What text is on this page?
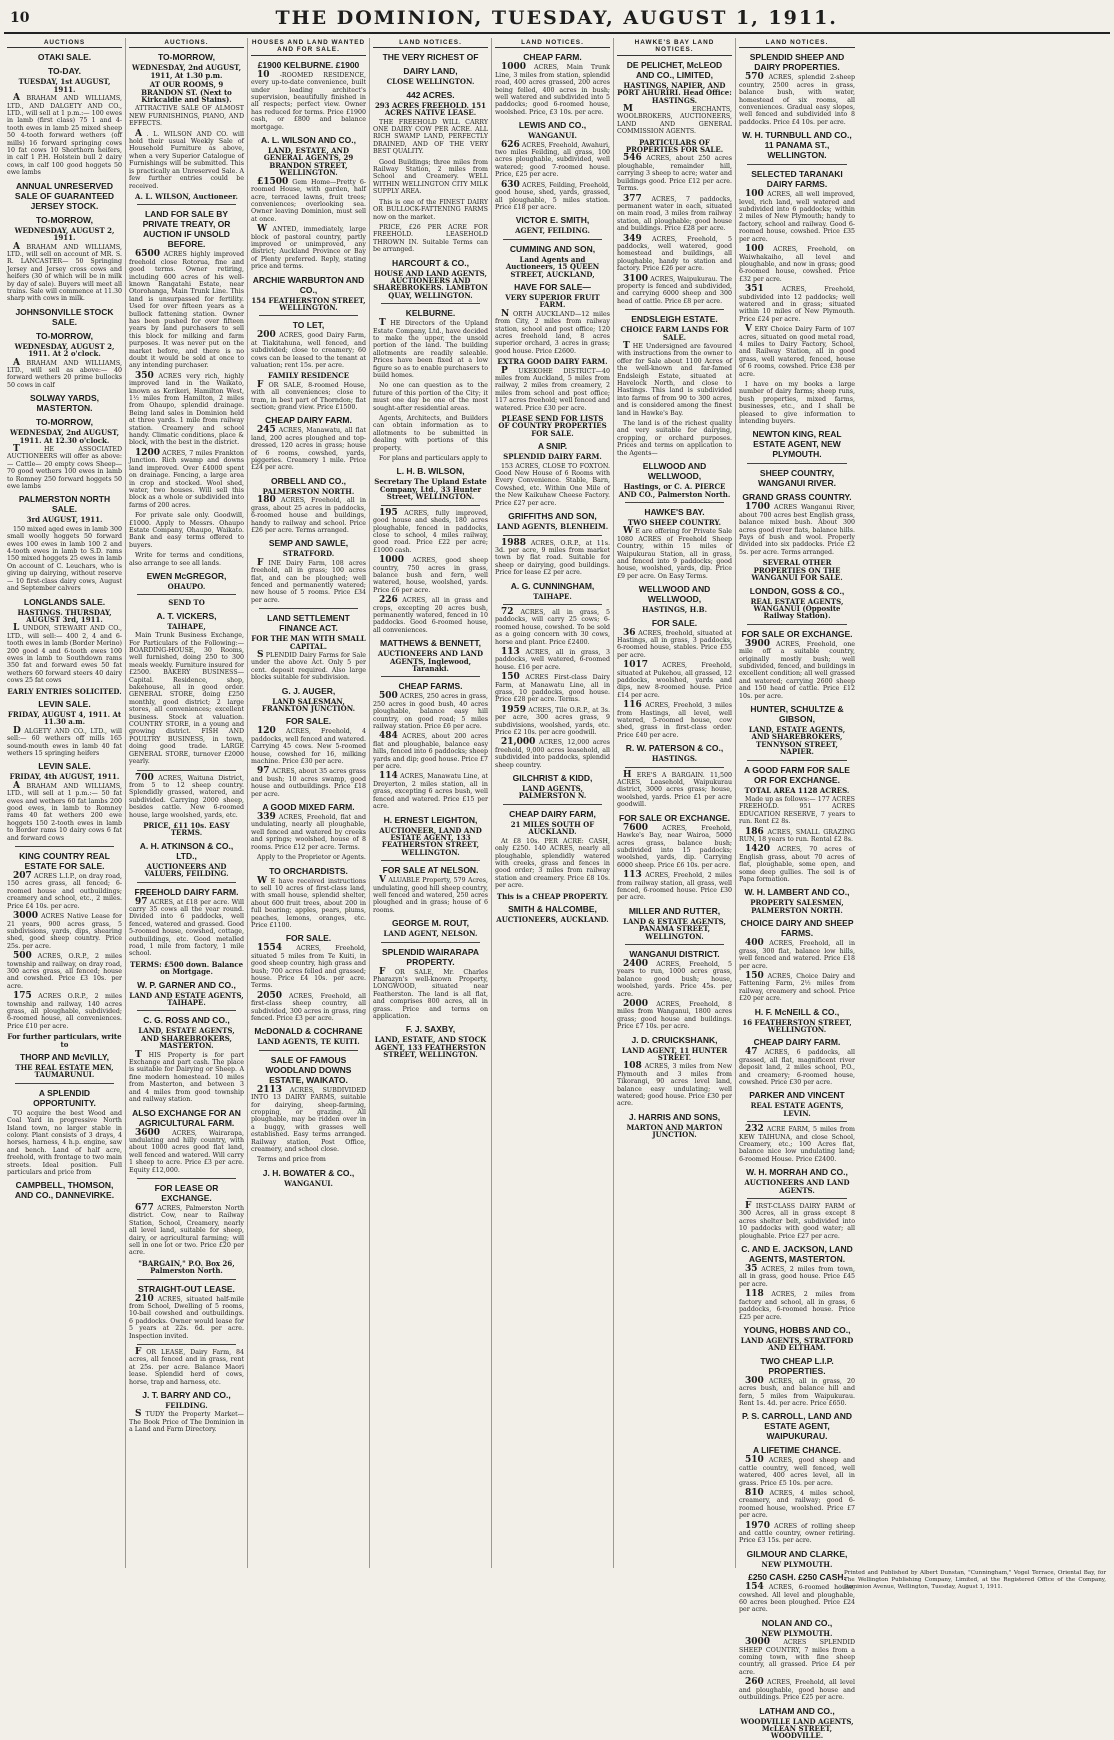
10	THE DOMINION, TUESDAY, AUGUST 1, 1911.
AUCTIONS
OTAKI SALE.
TO-DAY.
TUESDAY, 1st AUGUST, 1911.

A BRAHAM AND WILLIAMS, LTD., AND DALGETY AND CO., LTD., will sell at 1 p.m.:— 100 ewes in lamb (first class) 75 1 and 4-tooth ewes in lamb 25 mixed sheep 50 4-tooth forward wethers (off mills) 16 forward springing cows 10 fat cows 10 Shorthorn heifers, in calf 1 P.H. Holstein bull 2 dairy cows, in calf 100 good hoggets 50 ewe lambs

ANNUAL UNRESERVED SALE OF GUARANTEED JERSEY STOCK.
TO-MORROW,
WEDNESDAY, AUGUST 2, 1911.

A BRAHAM AND WILLIAMS, LTD., will sell on account of MR. S. R. LANCASTER— 50 Springing Jersey and Jersey cross cows and heifers (30 of which will be in milk by day of sale). Buyers will meet all trains. Sale will commence at 11.30 sharp with cows in milk.

JOHNSONVILLE STOCK SALE.
TO-MORROW,
WEDNESDAY, AUGUST 2, 1911. At 2 o'clock.

A BRAHAM AND WILLIAMS, LTD., will sell as above:— 40 forward wethers 20 prime bullocks 50 cows in calf

SOLWAY YARDS, MASTERTON.
TO-MORROW,
WEDNESDAY, 2nd AUGUST, 1911. At 12.30 o'clock.

T	HE ASSOCIATED AUCTIONEERS will offer as above:— Cattle— 20 empty cows Sheep— 70 good wethers 100 ewes in lamb to Romney 250 forward hoggets 50 ewe lambs

PALMERSTON NORTH SALE.
3rd AUGUST, 1911.

150 mixed aged ewes in lamb 300 small woolly hoggets 50 forward ewes 100 ewes in lamb 100 2 and 4-tooth ewes in lamb to S.D. rams 150 mixed hoggets 25 ewes in lamb On account of C. Leuchars, who is giving up dairying, without reserve— 10 first-class dairy cows, August and September calvers

LONGLANDS SALE.
HASTINGS. THURSDAY, AUGUST 3rd, 1911.

L UNDON, STEWART AND CO., LTD., will sell:— 400 2, 4 and 6-tooth ewes in lamb (Border Merino) 200 good 4 and 6-tooth ewes 100 ewes in lamb to Southdown rams 350 fat and forward ewes 50 fat wethers 60 forward steers 40 dairy cows 25 fat cows

EARLY ENTRIES SOLICITED.
LEVIN SALE.
FRIDAY, AUGUST 4, 1911. At 11.30 a.m.

D ALGETY AND CO., LTD., will sell:— 60 wethers off mills 165 sound-mouth ewes in lamb 40 fat wethers 15 springing heifers

LEVIN SALE.
FRIDAY, 4th AUGUST, 1911.

A BRAHAM AND WILLIAMS, LTD., will sell at 1 p.m.:— 50 fat ewes and wethers 60 fat lambs 200 good ewes, in lamb to Romney rams 40 fat wethers 200 ewe hoggets 150 2-tooth ewes in lamb to Border rams 10 dairy cows 6 fat and forward cows

KING COUNTRY REAL ESTATE FOR SALE.

207 ACRES L.I.P., on dray road, 150 acres grass, all fenced; 6-roomed house and outbuildings; creamery and school, etc., 2 miles. Price £4 10s. per acre.

3000 ACRES Native Lease for 21 years, 900 acres grass, 5 subdivisions, yards, dips, shearing shed, good sheep country. Price 25s. per acre.

500 ACRES, O.R.P., 2 miles township and railway, on dray road, 300 acres grass, all fenced; house and cowshed. Price £3 10s. per acre.

175 ACRES O.R.P., 2 miles township and railway, 140 acres grass, all ploughable, subdivided; 6-roomed house, all conveniences. Price £10 per acre.

For further particulars, write to
THORP AND McVILLY,
THE REAL ESTATE MEN, TAUMARUNUI.
A SPLENDID OPPORTUNITY.

TO acquire the best Wood and Coal Yard in progressive North Island town, no larger stable in colony. Plant consists of 3 drays, 4 horses, harness, 4 h.p. engine, saw and bench. Land of half acre, freehold, with frontage to two main streets. Ideal position. Full particulars and price from

CAMPBELL, THOMSON, AND CO., DANNEVIRKE.
AUCTIONS.
TO-MORROW,
WEDNESDAY, 2nd AUGUST, 1911, At 1.30 p.m.
AT OUR ROOMS, 9 BRANDON ST. (Next to Kirkcaldie and Stains).

ATTRACTIVE SALE OF ALMOST NEW FURNISHINGS, PIANO, AND EFFECTS.

A . L. WILSON AND CO. will hold their usual Weekly Sale of Household Furniture as above, when a very Superior Catalogue of Furnishings will be submitted. This is practically an Unreserved Sale. A few further entries could be received.

A. L. WILSON, Auctioneer.
LAND FOR SALE BY PRIVATE TREATY, OR AUCTION IF UNSOLD BEFORE.

6500 ACRES highly improved freehold close Rotorua, fine and good terms. Owner retiring, including 600 acres of his well-known Rangatahi Estate, near Otorohanga, Main Trunk Line. This land is unsurpassed for fertility. Used for over fifteen years as a bullock fattening station. Owner has been pushed for over fifteen years by land purchasers to sell this block for milking and farm purposes. It was never put on the market before, and there is no doubt it would be sold at once to any intending purchaser.

350 ACRES very rich, highly improved land in the Waikato, known as Kerikeri, Hamilton West, 1½ miles from Hamilton, 2 miles from Ohaupo, splendid drainage. Being land sales in Dominion held at three yards. 1 mile from railway station. Creamery and school handy. Climatic conditions, place & block, with the best in the district.

1200 ACRES, 7 miles Frankton Junction. Rich swamp and downs land improved. Over £4000 spent on drainage. Fencing, a large area in crop and stocked. Wool shed, water, two houses. Will sell this block as a whole or subdivided into farms of 200 acres.

For private sale only. Goodwill, £1000. Apply to Messrs. Ohaupo Estate Company, Ohaupo, Waikato. Bank and easy terms offered to buyers.

Write for terms and conditions, also arrange to see all lands.

EWEN McGREGOR,
OHAUPO.
SEND TO
A. T. VICKERS,
TAIHAPE,

Main Trunk Business Exchange, For Particulars of the Following:— BOARDING-HOUSE, 30 Rooms, well furnished, doing 250 to 300 meals weekly. Furniture insured for £2500. BAKERY BUSINESS—Capital. Residence, shop, bakehouse, all in good order. GENERAL STORE, doing £250 monthly, good district; 2 large stores, all conveniences; excellent business. Stock at valuation. COUNTRY STORE, in a young and growing district. FISH AND POULTRY BUSINESS, in town, doing good trade. LARGE GENERAL STORE, turnover £2000 yearly.

700 ACRES, Waituna District, from 5 to 12 sheep country. Splendidly grassed, watered, and subdivided. Carrying 2000 sheep, besides cattle. New 6-roomed house, large woolshed, yards, etc.

PRICE, £11 10s. EASY TERMS.
A. H. ATKINSON & CO., LTD.,
AUCTIONEERS AND VALUERS, FEILDING.
FREEHOLD DAIRY FARM.

97 ACRES, at £18 per acre. Will carry 35 cows all the year round. Divided into 6 paddocks, well fenced, watered and grassed. Good 5-roomed house, cowshed, cottage, outbuildings, etc. Good metalled road, 1 mile from factory, 1 mile school.

TERMS: £500 down. Balance on Mortgage.
W. P. GARNER AND CO.,
LAND AND ESTATE AGENTS, TAIHAPE.
C. G. ROSS AND CO.,
LAND, ESTATE AGENTS, AND SHAREBROKERS, MASTERTON.

T HIS Property is for part Exchange and part cash. The place is suitable for Dairying or Sheep. A fine modern homestead. 10 miles from Masterton, and between 3 and 4 miles from good township and railway station.

ALSO EXCHANGE FOR AN AGRICULTURAL FARM.

3600 ACRES, Wairarapa, undulating and hilly country, with about 1000 acres good flat land, well fenced and watered. Will carry 1 sheep to acre. Price £3 per acre. Equity £12,000.

FOR LEASE OR EXCHANGE.

677 ACRES, Palmerston North district. Cow, near to Railway Station, School, Creamery, nearly all level land, suitable for sheep, dairy, or agricultural farming; will sell in one lot or two. Price £20 per acre.

"BARGAIN," P.O. Box 26, Palmerston North.
STRAIGHT-OUT LEASE.

210 ACRES, situated half-mile from School, Dwelling of 5 rooms, 10-bail cowshed and outbuildings. 6 paddocks. Owner would lease for 5 years at 22s. 6d. per acre. Inspection invited.

F OR LEASE, Dairy Farm, 84 acres, all fenced and in grass, rent at 25s. per acre. Balance Maori lease. Splendid herd of cows, horse, trap and harness, etc.

J. T. BARRY AND CO.,
FEILDING.

S TUDY the Property Market—The Book Price of The Dominion in a Land and Farm Directory.

HOUSES AND LAND WANTED AND FOR SALE.
£1900 KELBURNE. £1900

10 -ROOMED RESIDENCE, every up-to-date convenience, built under leading architect's supervision, beautifully finished in all respects; perfect view. Owner has reduced for terms. Price £1900 cash, or £800 and balance mortgage.

A. L. WILSON AND CO.,
LAND, ESTATE, AND GENERAL AGENTS, 29 BRANDON STREET, WELLINGTON.

£1500 Gem Home—Pretty 6-roomed House, with garden, half acre, terraced lawns, fruit trees; conveniences; overlooking sea. Owner leaving Dominion, must sell at once.

W ANTED, immediately, large block of pastoral country, partly improved or unimproved, any district; Auckland Province or Bay of Plenty preferred. Reply, stating price and terms.

ARCHIE WARBURTON AND CO.,
154 FEATHERSTON STREET, WELLINGTON.
TO LET,

200 ACRES, good Dairy Farm, at Tiakitahuna, well fenced, and subdivided; close to creamery; 60 cows can be leased to the tenant at valuation; rent 15s. per acre.

FAMILY RESIDENCE

F OR SALE, 8-roomed House, with all conveniences; close to tram, in best part of Thorndon; flat section; grand view. Price £1500.

CHEAP DAIRY FARM.

245 ACRES, Manawatu, all flat land, 200 acres ploughed and top-dressed, 120 acres in grass; house of 6 rooms, cowshed, yards, piggeries. Creamery 1 mile. Price £24 per acre.

ORBELL AND CO.,
PALMERSTON NORTH.

180 ACRES, Freehold, all in grass, about 25 acres in paddocks, 6-roomed house and buildings, handy to railway and school. Price £26 per acre. Terms arranged.

SEMP AND SAWLE,
STRATFORD.

F INE Dairy Farm, 108 acres freehold, all in grass; 100 acres flat, and can be ploughed; well fenced and permanently watered; new house of 5 rooms. Price £34 per acre.

LAND SETTLEMENT FINANCE ACT.
FOR THE MAN WITH SMALL CAPITAL.

S PLENDID Dairy Farms for Sale under the above Act. Only 5 per cent. deposit required. Also large blocks suitable for subdivision.

G. J. AUGER,
LAND SALESMAN, FRANKTON JUNCTION.
FOR SALE.

120 ACRES, Freehold, 4 paddocks, well fenced and watered. Carrying 45 cows. New 5-roomed house, cowshed for 16, milking machine. Price £30 per acre.

97 ACRES, about 35 acres grass and bush; 10 acres swamp, good house and outbuildings. Price £18 per acre.

A GOOD MIXED FARM.

339 ACRES, Freehold, flat and undulating, nearly all ploughable, well fenced and watered by creeks and springs; woolshed, house of 8 rooms. Price £12 per acre. Terms.

Apply to the Proprietor or Agents.

TO ORCHARDISTS.

W E have received instructions to sell 10 acres of first-class land, with small house, splendid shelter, about 600 fruit trees, about 200 in full bearing; apples, pears, plums, peaches, lemons, oranges, etc. Price £1100.

FOR SALE.

1554 ACRES, Freehold, situated 5 miles from Te Kuiti, in good sheep country, high grass and bush; 700 acres felled and grassed; house. Price £4 10s. per acre. Terms.

2050 ACRES, Freehold, all first-class sheep country, all subdivided, 300 acres in grass, ring fenced. Price £3 per acre.

McDONALD & COCHRANE
LAND AGENTS, TE KUITI.
SALE OF FAMOUS WOODLAND DOWNS ESTATE, WAIKATO.

2113 ACRES, SUBDIVIDED INTO 13 DAIRY FARMS, suitable for dairying, sheep-farming, cropping, or grazing. All ploughable, may be ridden over in a buggy, with grasses well established. Easy terms arranged. Railway station, Post Office, creamery, and school close.

Terms and price from

J. H. BOWATER & CO.,
WANGANUI.
LAND NOTICES.
THE VERY RICHEST OF
DAIRY LAND,
CLOSE WELLINGTON.
442 ACRES.
293 ACRES FREEHOLD. 151 ACRES NATIVE LEASE.

THE FREEHOLD WILL CARRY ONE DAIRY COW PER ACRE. ALL RICH SWAMP LAND, PERFECTLY DRAINED, AND OF THE VERY BEST QUALITY.

Good Buildings; three miles from Railway Station, 2 miles from School and Creamery. WELL WITHIN WELLINGTON CITY MILK SUPPLY AREA.

This is one of the FINEST DAIRY OR BULLOCK-FATTENING FARMS now on the market.

PRICE, £26 PER ACRE FOR FREEHOLD. LEASEHOLD THROWN IN. Suitable Terms can be arranged.

HARCOURT & CO.,
HOUSE AND LAND AGENTS, AUCTIONEERS AND SHAREBROKERS. LAMBTON QUAY, WELLINGTON.
KELBURNE.

T HE Directors of the Upland Estate Company, Ltd., have decided to make the upper, the unsold portion of the land. The building allotments are readily saleable. Prices have been fixed at a low figure so as to enable purchasers to build homes.

No one can question as to the future of this portion of the City; it must one day be one of the most sought-after residential areas.

Agents, Architects, and Builders can obtain information as to allotments to be submitted in dealing with portions of this property.

For plans and particulars apply to

L. H. B. WILSON,
Secretary The Upland Estate Company, Ltd., 33 Hunter Street, WELLINGTON.

195 ACRES, fully improved, good house and sheds, 180 acres ploughable, fenced in paddocks, close to school, 4 miles railway, good road. Price £22 per acre; £1000 cash.

1000 ACRES, good sheep country, 750 acres in grass, balance bush and fern, well watered, house, woolshed, yards. Price £6 per acre.

226 ACRES, all in grass and crops, excepting 20 acres bush, permanently watered, fenced in 10 paddocks. Good 6-roomed house, all conveniences.

MATTHEWS & BENNETT,
AUCTIONEERS AND LAND AGENTS, Inglewood, Taranaki.
CHEAP FARMS.

500 ACRES, 250 acres in grass, 250 acres in good bush, 40 acres ploughable, balance easy hill country, on good road; 5 miles railway station. Price £6 per acre.

484 ACRES, about 200 acres flat and ploughable, balance easy hills, fenced into 6 paddocks; sheep yards and dip; good house. Price £7 per acre.

114 ACRES, Manawatu Line, at Dreyerton, 2 miles station, all in grass, excepting 6 acres bush, well fenced and watered. Price £15 per acre.

H. ERNEST LEIGHTON,
AUCTIONEER, LAND AND ESTATE AGENT, 133 FEATHERSTON STREET, WELLINGTON.
FOR SALE AT NELSON.

V ALUABLE Property, 579 Acres, undulating, good hill sheep country, well fenced and watered, 250 acres ploughed and in grass; house of 6 rooms.

GEORGE M. ROUT,
LAND AGENT, NELSON.
SPLENDID WAIRARAPA PROPERTY.

F OR SALE, Mr. Charles Pharazyn's well-known Property, LONGWOOD, situated near Featherston. The land is all flat, and comprises 800 acres, all in grass. Price and terms on application.

F. J. SAXBY,
LAND, ESTATE, AND STOCK AGENT, 133 FEATHERSTON STREET, WELLINGTON.
LAND NOTICES.
CHEAP FARM.

1000 ACRES, Main Trunk Line, 3 miles from station, splendid road, 400 acres grassed, 200 acres being felled, 400 acres in bush; well watered and subdivided into 5 paddocks; good 6-roomed house, woolshed. Price, £3 10s. per acre.

LEWIS AND CO.,
WANGANUI.

626 ACRES, Freehold, Awahuri, two miles Feilding, all grass, 100 acres ploughable, subdivided, well watered; good 7-roomed house. Price, £25 per acre.

630 ACRES, Feilding, Freehold, good house, shed, yards, grassed, all ploughable, 5 miles station. Price £18 per acre.

VICTOR E. SMITH,
AGENT, FEILDING.
CUMMING AND SON,
Land Agents and Auctioneers, 15 QUEEN STREET, AUCKLAND,
HAVE FOR SALE—
VERY SUPERIOR FRUIT FARM.

N ORTH AUCKLAND—12 miles from City, 2 miles from railway station, school and post office; 120 acres freehold land, 8 acres superior orchard, 3 acres in grass; good house. Price £2600.

EXTRA GOOD DAIRY FARM.

P UKEKOHE DISTRICT—40 miles from Auckland, 5 miles from railway, 2 miles from creamery, 2 miles from school and post office; 117 acres freehold; well fenced and watered. Price £30 per acre.

PLEASE SEND FOR LISTS OF COUNTRY PROPERTIES FOR SALE.
A SNIP.
SPLENDID DAIRY FARM.

153 ACRES, CLOSE TO FOXTON. Good New House of 6 Rooms with Every Convenience. Stable, Barn, Cowshed, etc. Within One Mile of the New Kaikuhaw Cheese Factory. Price £27 per acre.

GRIFFITHS AND SON,
LAND AGENTS, BLENHEIM.

1988 ACRES, O.R.P., at 11s. 3d. per acre, 9 miles from market town by flat road. Suitable for sheep or dairying, good buildings. Price for lease £2 per acre.

A. G. CUNNINGHAM,
TAIHAPE.

72 ACRES, all in grass, 5 paddocks, will carry 25 cows; 6-roomed house, cowshed. To be sold as a going concern with 30 cows, horse and plant. Price £2400.

113 ACRES, all in grass, 3 paddocks, well watered, 6-roomed house. £16 per acre.

150 ACRES First-class Dairy Farm, at Manawatu Line, all in grass, 10 paddocks, good house. Price £28 per acre. Terms.

1959 ACRES, Tile O.R.P., at 3s. per acre, 300 acres grass, 9 subdivisions, woolshed, yards, etc. Price £2 10s. per acre goodwill.

21,000 ACRES, 12,000 acres freehold, 9,000 acres leasehold, all subdivided into paddocks, splendid sheep country.

GILCHRIST & KIDD,
LAND AGENTS, PALMERSTON N.
CHEAP DAIRY FARM,
21 MILES SOUTH OF AUCKLAND.

At £8 10s. PER ACRE: CASH, only £250. 140 ACRES, nearly all ploughable, splendidly watered with creeks, grass and fences in good order; 3 miles from railway station and creamery. Price £8 10s. per acre.

This is a CHEAP PROPERTY.
SMITH & HALCOMBE,
AUCTIONEERS, AUCKLAND.
HAWKE'S BAY LAND NOTICES.
DE PELICHET, McLEOD AND CO., LIMITED,
HASTINGS, NAPIER, AND PORT AHURIRI. Head Office: HASTINGS.

M	ERCHANTS, WOOLBROKERS, AUCTIONEERS, LAND AND GENERAL COMMISSION AGENTS.

PARTICULARS OF PROPERTIES FOR SALE.

546 ACRES, about 250 acres ploughable, remainder hill, carrying 3 sheep to acre; water and buildings good. Price £12 per acre. Terms.

377 ACRES, 7 paddocks, permanent water in each, situated on main road, 3 miles from railway station, all ploughable; good house and buildings. Price £28 per acre.

349 ACRES, Freehold, 5 paddocks, well watered, good homestead and buildings, all ploughable, handy to station and factory. Price £26 per acre.

3100 ACRES, Waipukurau. The property is fenced and subdivided, and carrying 6000 sheep and 300 head of cattle. Price £8 per acre.

ENDSLEIGH ESTATE.
CHOICE FARM LANDS FOR SALE.

T HE Undersigned are favoured with instructions from the owner to offer for Sale about 1100 Acres of the well-known and far-famed Endsleigh Estate, situated at Havelock North, and close to Hastings. This land is subdivided into farms of from 90 to 300 acres, and is considered among the finest land in Hawke's Bay.

The land is of the richest quality and very suitable for dairying, cropping, or orchard purposes. Prices and terms on application to the Agents—

ELLWOOD AND WELLWOOD,
Hastings, or C. A. PIERCE AND CO., Palmerston North.
HAWKE'S BAY.
TWO SHEEP COUNTRY.

W E are offering for Private Sale 1080 ACRES of Freehold Sheep Country, within 15 miles of Waipukurau Station, all in grass, and fenced into 9 paddocks; good house, woolshed, yards, dip. Price £9 per acre. On Easy Terms.

WELLWOOD AND WELLWOOD,
HASTINGS, H.B.
FOR SALE.

36 ACRES, freehold, situated at Hastings, all in grass, 3 paddocks, 6-roomed house, stables. Price £55 per acre.

1017 ACRES, Freehold, situated at Pukehou, all grassed, 12 paddocks, woolshed, yards and dips, new 8-roomed house. Price £14 per acre.

116 ACRES, Freehold, 3 miles from Hastings, all level, well watered, 5-roomed house, cow shed, grass in first-class order. Price £40 per acre.

R. W. PATERSON & CO.,
HASTINGS.

H ERE'S A BARGAIN. 11,500 ACRES, Leasehold, Waipukurau district, 3000 acres grass; house, woolshed, yards. Price £1 per acre goodwill.

FOR SALE OR EXCHANGE.

7600 ACRES, Freehold, Hawke's Bay, near Wairoa, 5000 acres grass, balance bush; subdivided into 15 paddocks; woolshed, yards, dip. Carrying 6000 sheep. Price £6 10s. per acre.

113 ACRES, Freehold, 2 miles from railway station, all grass, well fenced, 6-roomed house. Price £30 per acre.

MILLER AND RUTTER,
LAND & ESTATE AGENTS, PANAMA STREET, WELLINGTON.
WANGANUI DISTRICT.

2400 ACRES, Freehold, 5 years to run, 1000 acres grass, balance good bush; house, woolshed, yards. Price 45s. per acre.

2000 ACRES, Freehold, 8 miles from Wanganui, 1800 acres grass; good house and buildings. Price £7 10s. per acre.

J. D. CRUICKSHANK,
LAND AGENT, 11 HUNTER STREET.

108 ACRES, 3 miles from New Plymouth and 3 miles from Tikorangi, 90 acres level land, balance easy undulating; well watered; good house. Price £30 per acre.

J. HARRIS AND SONS,
MARTON AND MARTON JUNCTION.
LAND NOTICES.
SPLENDID SHEEP AND DAIRY PROPERTIES.

570 ACRES, splendid 2-sheep country, 2500 acres in grass, balance bush, with water, homestead of six rooms, all conveniences. Gradual easy slopes, well fenced and subdivided into 8 paddocks. Price £4 10s. per acre.

W. H. TURNBULL AND CO., 11 PANAMA ST., WELLINGTON.
SELECTED TARANAKI DAIRY FARMS.

100 ACRES, all well improved, level, rich land, well watered and subdivided into 6 paddocks; within 2 miles of New Plymouth; handy to factory, school and railway. Good 6-roomed house, cowshed. Price £35 per acre.

100 ACRES, Freehold, on Waiwhakaiho, all level and ploughable, and now in grass; good 6-roomed house, cowshed. Price £32 per acre.

351	ACRES, Freehold, subdivided into 12 paddocks; well watered and in grass; situated within 10 miles of New Plymouth. Price £24 per acre.

V ERY Choice Dairy Farm of 107 acres, situated on good metal road, 4 miles to Dairy Factory, School, and Railway Station, all in good grass, well watered, fenced, house of 6 rooms, cowshed. Price £38 per acre.

I have on my books a large number of dairy farms; sheep runs, bush properties, mixed farms, businesses, etc., and I shall be pleased to give information to intending buyers.

NEWTON KING, REAL ESTATE AGENT, NEW PLYMOUTH.
SHEEP COUNTRY, WANGANUI RIVER.
GRAND GRASS COUNTRY.

1700 ACRES Wanganui River, about 700 acres best English grass, balance mixed bush. About 300 acres good river flats, balance hills. Pays of bush and wool. Properly divided into six paddocks. Price £2 5s. per acre. Terms arranged.

SEVERAL OTHER PROPERTIES ON THE WANGANUI FOR SALE.
LONDON, GOSS & CO.,
REAL ESTATE AGENTS, WANGANUI (Opposite Railway Station).
FOR SALE OR EXCHANGE.

3900 ACRES, Freehold, one mile off a suitable country, originally mostly bush; well subdivided, fenced, and buildings in excellent condition; all well grassed and watered; carrying 2600 sheep and 150 head of cattle. Price £12 10s. per acre.

HUNTER, SCHULTZE & GIBSON,
LAND, ESTATE AGENTS, AND SHAREBROKERS, TENNYSON STREET, NAPIER.
A GOOD FARM FOR SALE OR FOR EXCHANGE.
TOTAL AREA 1128 ACRES.

Made up as follows:— 177 ACRES FREEHOLD. 951 ACRES EDUCATION RESERVE, 7 years to run. Rent £2 8s.

186 ACRES, SMALL GRAZING RUN, 18 years to run. Rental £2 8s.

1420 ACRES, 70 acres of English grass, about 70 acres of flat, ploughable, some open, and some deep gullies. The soil is of Papa formation.

W. H. LAMBERT AND CO.,
PROPERTY SALESMEN, PALMERSTON NORTH.
CHOICE DAIRY AND SHEEP FARMS.

400 ACRES, Freehold, all in grass, 300 flat, balance low hills, well fenced and watered. Price £18 per acre.

150 ACRES, Choice Dairy and Fattening Farm, 2½ miles from railway, creamery and school. Price £20 per acre.

H. F. McNEILL & CO.,
16 FEATHERSTON STREET, WELLINGTON.
CHEAP DAIRY FARM.

47 ACRES, 6 paddocks, all grassed, all flat, magnificent river deposit land, 2 miles school, P.O., and creamery; 6-roomed house, cowshed. Price £30 per acre.

PARKER AND VINCENT
REAL ESTATE AGENTS, LEVIN.

232 ACRE FARM, 5 miles from KEW TAIHUNA, and close School, Creamery, etc.; 100 Acres flat, balance nice low undulating land; 6-roomed House. Price £2400.

W. H. MORRAH AND CO.,
AUCTIONEERS AND LAND AGENTS.

F IRST-CLASS DAIRY FARM of 300 Acres, all in grass except 8 acres shelter belt, subdivided into 10 paddocks with good water; all ploughable. Price £27 per acre.

C. AND E. JACKSON, LAND AGENTS, MASTERTON.

35 ACRES, 2 miles from town, all in grass, good house. Price £45 per acre.

118 ACRES, 2 miles from factory and school, all in grass, 6 paddocks, 6-roomed house. Price £25 per acre.

YOUNG, HOBBS AND CO.,
LAND AGENTS, STRATFORD AND ELTHAM.
TWO CHEAP L.I.P. PROPERTIES.

300 ACRES, all in grass, 20 acres bush, and balance hill and fern, 5 miles from Waipukurau. Rent 1s. 4d. per acre. Price £650.

P. S. CARROLL, LAND AND ESTATE AGENT, WAIPUKURAU.
A LIFETIME CHANCE.

510 ACRES, good sheep and cattle country, well fenced, well watered, 400 acres level, all in grass. Price £5 10s. per acre.

810 ACRES, 4 miles school, creamery, and railway; good 6-roomed house, woolshed. Price £7 per acre.

1970 ACRES of rolling sheep and cattle country, owner retiring. Price £3 15s. per acre.

GILMOUR AND CLARKE,
NEW PLYMOUTH.
£250 CASH. £250 CASH.

154 ACRES, 6-roomed house, cowshed. All level and ploughable, 60 acres been ploughed. Price £24 per acre.

NOLAN AND CO.,
NEW PLYMOUTH.

3000 ACRES SPLENDID SHEEP COUNTRY, 7 miles from a coming town, with fine sheep country, all grassed. Price £4 per acre.

260 ACRES, Freehold, all level and ploughable, good house and outbuildings. Price £25 per acre.

LATHAM AND CO.,
WOODVILLE LAND AGENTS, McLEAN STREET, WOODVILLE.
Printed and Published by Albert Dunstan, "Cunningham," Vogel Terrace, Oriental Bay, for The Wellington Publishing Company, Limited, at the Registered Office of the Company, Dominion Avenue, Wellington, Tuesday, August 1, 1911.
